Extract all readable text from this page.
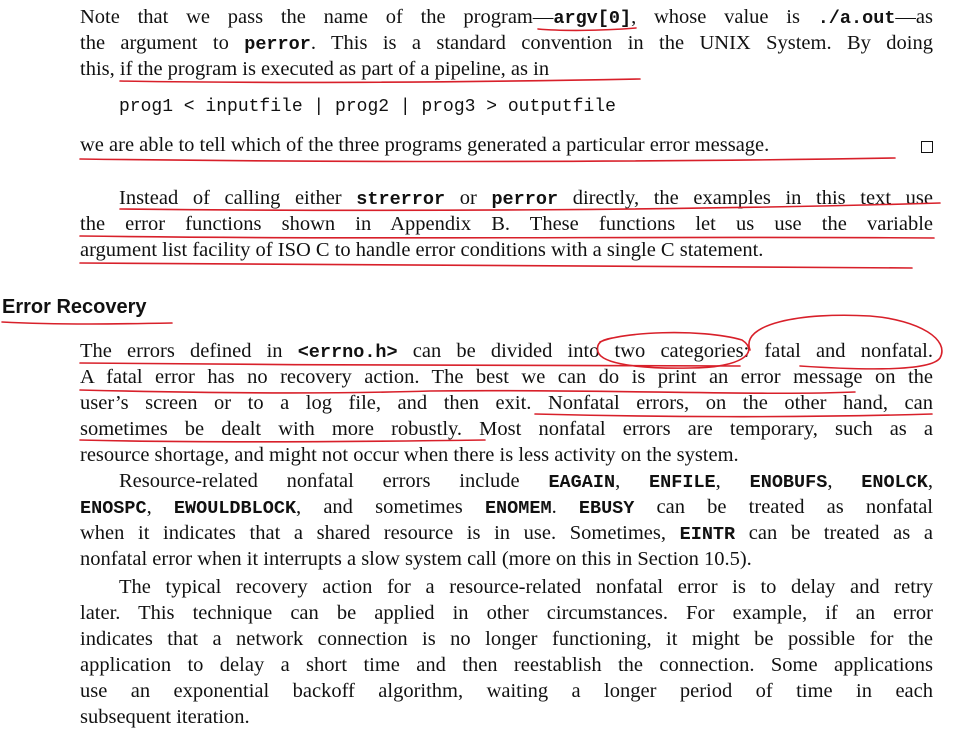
Note that we pass the name of the program—argv[0], whose value is ./a.out—as
the argument to perror. This is a standard convention in the UNIX System. By doing
this, if the program is executed as part of a pipeline, as in
prog1 < inputfile | prog2 | prog3 > outputfile
we are able to tell which of the three programs generated a particular error message.
Instead of calling either strerror or perror directly, the examples in this text use
the error functions shown in Appendix B. These functions let us use the variable
argument list facility of ISO C to handle error conditions with a single C statement.
Error Recovery
The errors defined in <errno.h> can be divided into two categories: fatal and nonfatal.
A fatal error has no recovery action. The best we can do is print an error message on the
user’s screen or to a log file, and then exit. Nonfatal errors, on the other hand, can
sometimes be dealt with more robustly. Most nonfatal errors are temporary, such as a
resource shortage, and might not occur when there is less activity on the system.
Resource-related nonfatal errors include EAGAIN, ENFILE, ENOBUFS, ENOLCK,
ENOSPC, EWOULDBLOCK, and sometimes ENOMEM. EBUSY can be treated as nonfatal
when it indicates that a shared resource is in use. Sometimes, EINTR can be treated as a
nonfatal error when it interrupts a slow system call (more on this in Section 10.5).
The typical recovery action for a resource-related nonfatal error is to delay and retry
later. This technique can be applied in other circumstances. For example, if an error
indicates that a network connection is no longer functioning, it might be possible for the
application to delay a short time and then reestablish the connection. Some applications
use an exponential backoff algorithm, waiting a longer period of time in each
subsequent iteration.
